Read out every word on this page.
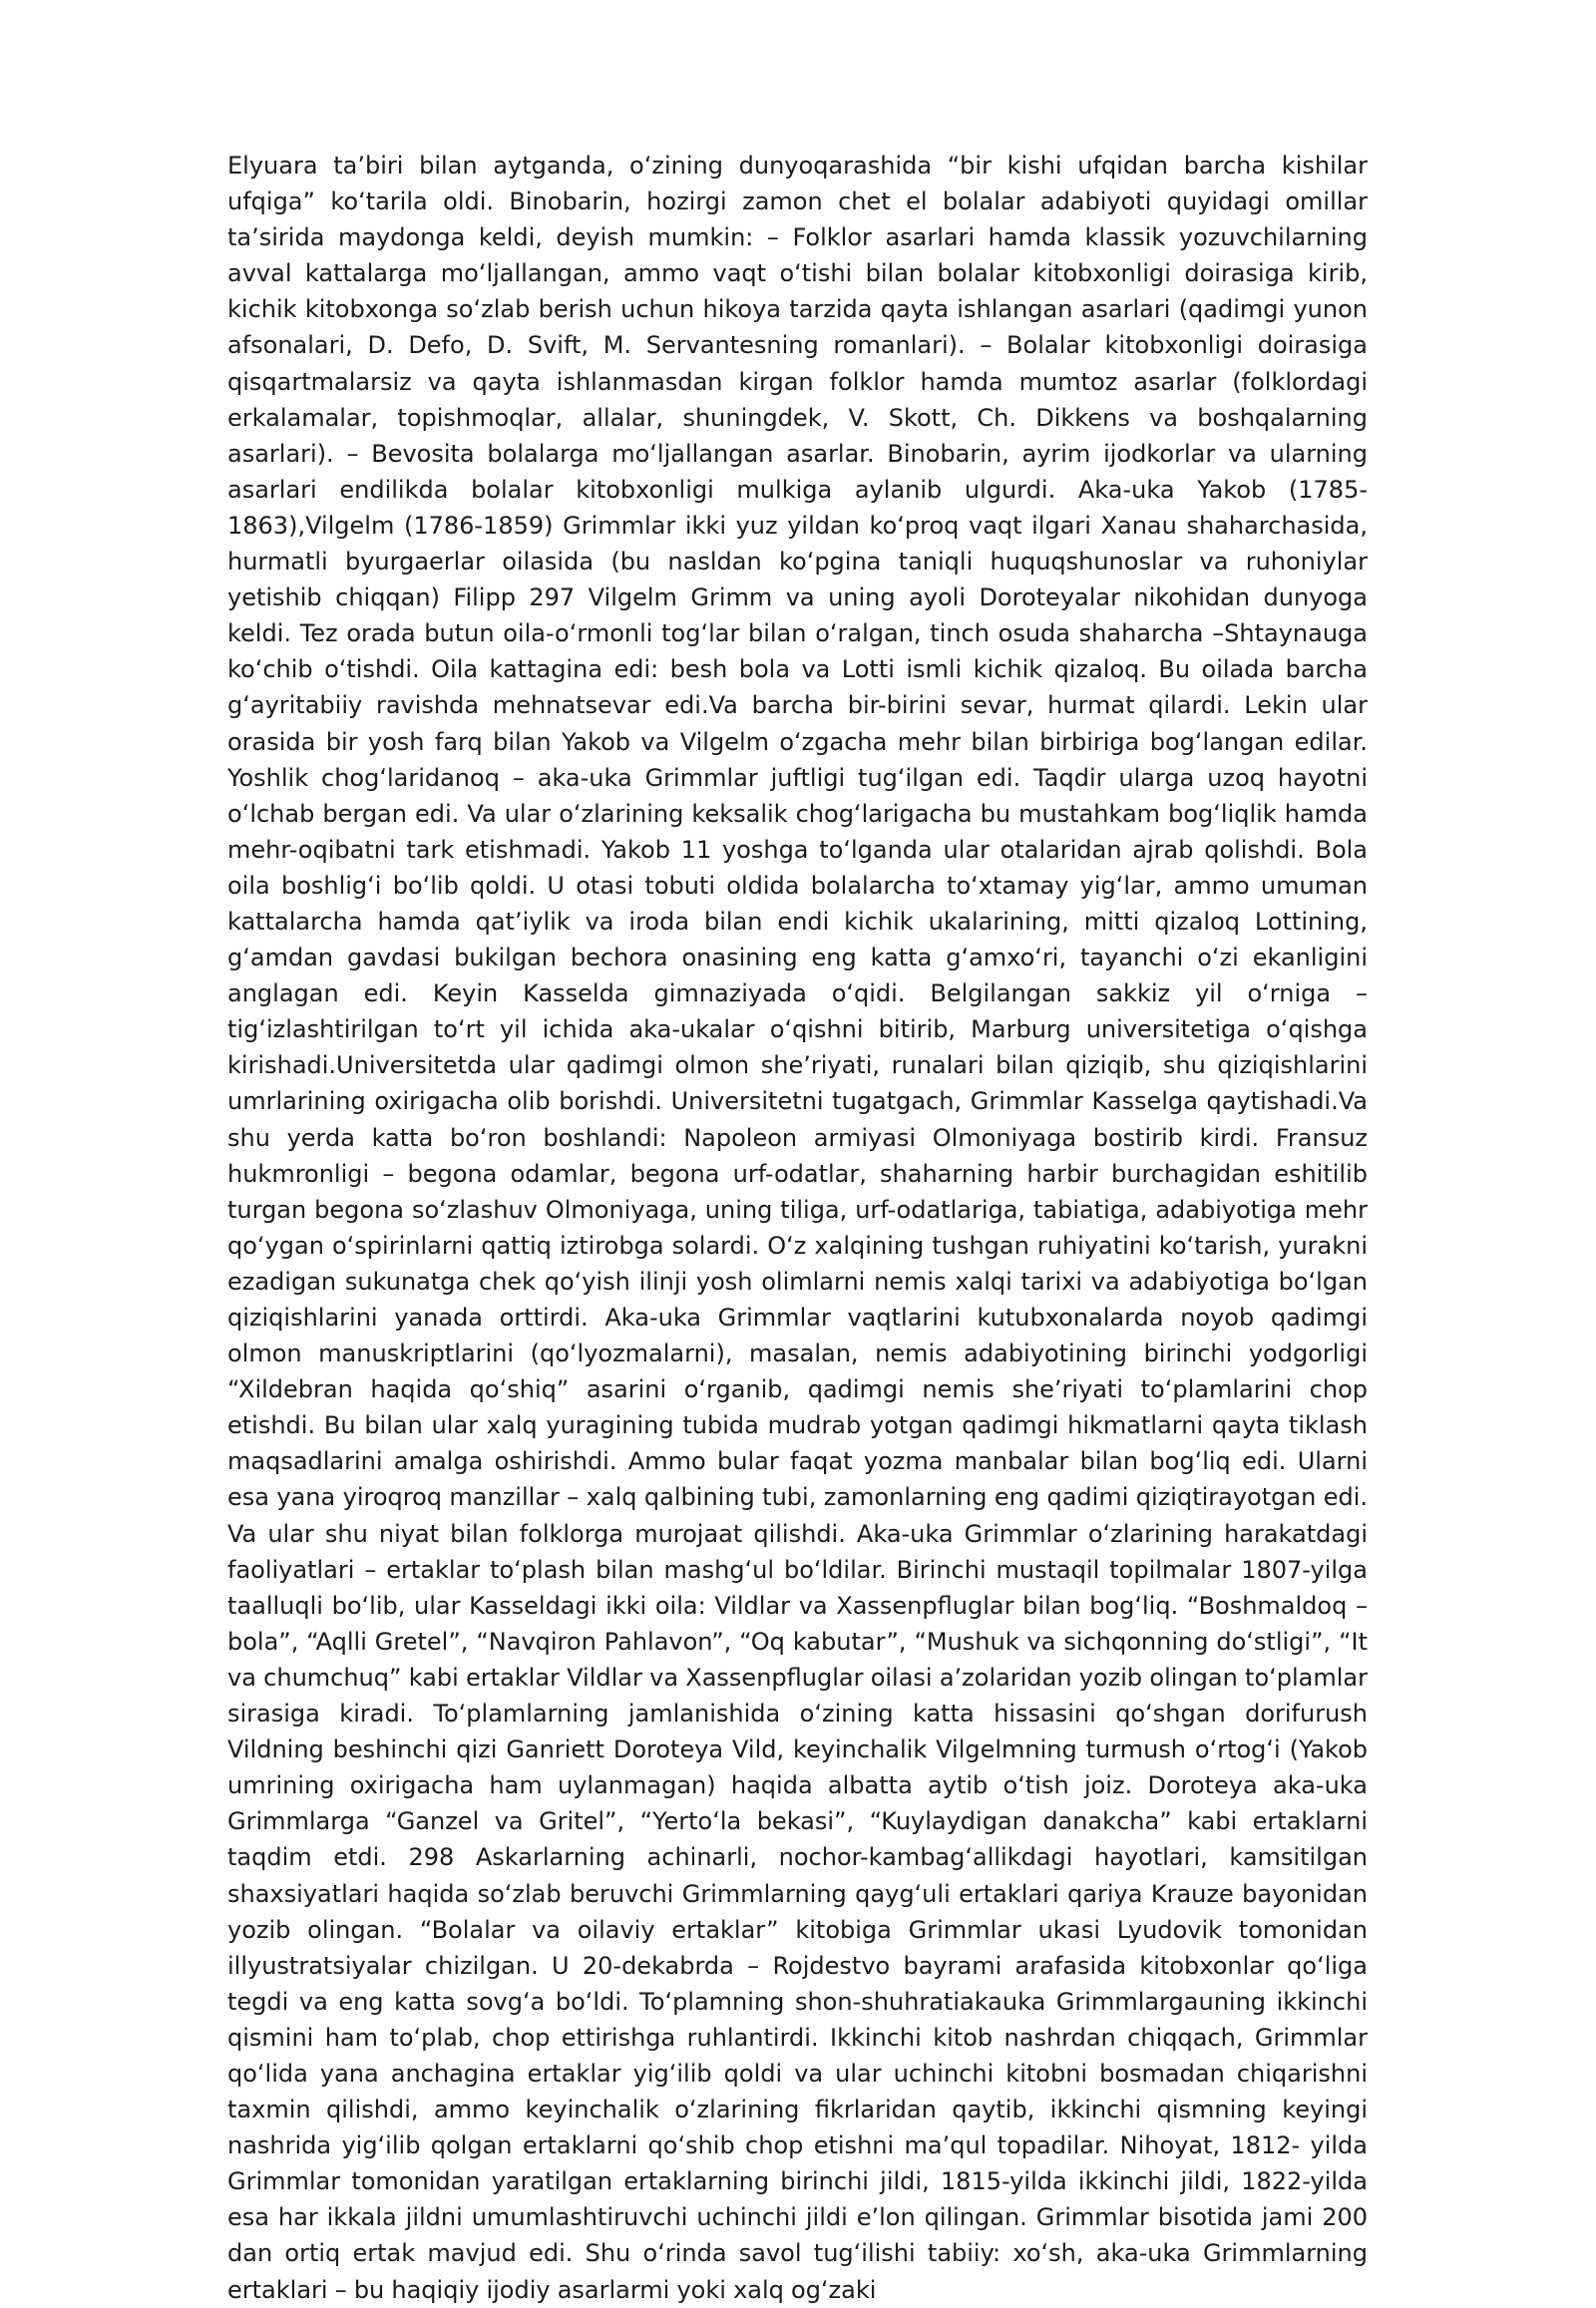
Elyuara ta’biri bilan aytganda, oʻzining dunyoqarashida “bir kishi ufqidan barcha kishilar ufqiga” koʻtarila oldi. Binobarin, hozirgi zamon chet el bolalar adabiyoti quyidagi omillar ta’sirida maydonga keldi, deyish mumkin: – Folklor asarlari hamda klassik yozuvchilarning avval kattalarga moʻljallangan, ammo vaqt oʻtishi bilan bolalar kitobxonligi doirasiga kirib, kichik kitobxonga soʻzlab berish uchun hikoya tarzida qayta ishlangan asarlari (qadimgi yunon afsonalari, D. Defo, D. Svift, M. Servantesning romanlari). – Bolalar kitobxonligi doirasiga qisqartmalarsiz va qayta ishlanmasdan kirgan folklor hamda mumtoz asarlar (folklordagi erkalamalar, topishmoqlar, allalar, shuningdek, V. Skott, Ch. Dikkens va boshqalarning asarlari). – Bevosita bolalarga moʻljallangan asarlar. Binobarin, ayrim ijodkorlar va ularning asarlari endilikda bolalar kitobxonligi mulkiga aylanib ulgurdi. Aka-uka Yakob (1785-1863),Vilgelm (1786-1859) Grimmlar ikki yuz yildan koʻproq vaqt ilgari Xanau shaharchasida, hurmatli byurgaerlar oilasida (bu nasldan koʻpgina taniqli huquqshunoslar va ruhoniylar yetishib chiqqan) Filipp 297 Vilgelm Grimm va uning ayoli Doroteyalar nikohidan dunyoga keldi. Tez orada butun oila-oʻrmonli togʻlar bilan oʻralgan, tinch osuda shaharcha –Shtaynauga koʻchib oʻtishdi. Oila kattagina edi: besh bola va Lotti ismli kichik qizaloq. Bu oilada barcha gʻayritabiiy ravishda mehnatsevar edi.Va barcha bir-birini sevar, hurmat qilardi. Lekin ular orasida bir yosh farq bilan Yakob va Vilgelm oʻzgacha mehr bilan birbiriga bogʻlangan edilar. Yoshlik chogʻlaridanoq – aka-uka Grimmlar juftligi tugʻilgan edi. Taqdir ularga uzoq hayotni oʻlchab bergan edi. Va ular oʻzlarining keksalik chogʻlarigacha bu mustahkam bogʻliqlik hamda mehr-oqibatni tark etishmadi. Yakob 11 yoshga toʻlganda ular otalaridan ajrab qolishdi. Bola oila boshligʻi boʻlib qoldi. U otasi tobuti oldida bolalarcha toʻxtamay yigʻlar, ammo umuman kattalarcha hamda qat’iylik va iroda bilan endi kichik ukalarining, mitti qizaloq Lottining, gʻamdan gavdasi bukilgan bechora onasining eng katta gʻamxoʻri, tayanchi oʻzi ekanligini anglagan edi. Keyin Kasselda gimnaziyada oʻqidi. Belgilangan sakkiz yil oʻrniga – tigʻizlashtirilgan toʻrt yil ichida aka-ukalar oʻqishni bitirib, Marburg universitetiga oʻqishga kirishadi.Universitetda ular qadimgi olmon she’riyati, runalari bilan qiziqib, shu qiziqishlarini umrlarining oxirigacha olib borishdi. Universitetni tugatgach, Grimmlar Kasselga qaytishadi.Va shu yerda katta boʻron boshlandi: Napoleon armiyasi Olmoniyaga bostirib kirdi. Fransuz hukmronligi – begona odamlar, begona urf-odatlar, shaharning harbir burchagidan eshitilib turgan begona soʻzlashuv Olmoniyaga, uning tiliga, urf-odatlariga, tabiatiga, adabiyotiga mehr qoʻygan oʻspirinlarni qattiq iztirobga solardi. Oʻz xalqining tushgan ruhiyatini koʻtarish, yurakni ezadigan sukunatga chek qoʻyish ilinji yosh olimlarni nemis xalqi tarixi va adabiyotiga boʻlgan qiziqishlarini yanada orttirdi. Aka-uka Grimmlar vaqtlarini kutubxonalarda noyob qadimgi olmon manuskriptlarini (qoʻlyozmalarni), masalan, nemis adabiyotining birinchi yodgorligi “Xildebran haqida qoʻshiq” asarini oʻrganib, qadimgi nemis she’riyati toʻplamlarini chop etishdi. Bu bilan ular xalq yuragining tubida mudrab yotgan qadimgi hikmatlarni qayta tiklash maqsadlarini amalga oshirishdi. Ammo bular faqat yozma manbalar bilan bogʻliq edi. Ularni esa yana yiroqroq manzillar – xalq qalbining tubi, zamonlarning eng qadimi qiziqtirayotgan edi. Va ular shu niyat bilan folklorga murojaat qilishdi. Aka-uka Grimmlar oʻzlarining harakatdagi faoliyatlari – ertaklar toʻplash bilan mashgʻul boʻldilar. Birinchi mustaqil topilmalar 1807-yilga taalluqli boʻlib, ular Kasseldagi ikki oila: Vildlar va Xassenpfluglar bilan bogʻliq. “Boshmaldoq – bola”, “Aqlli Gretel”, “Navqiron Pahlavon”, “Oq kabutar”, “Mushuk va sichqonning doʻstligi”, “It va chumchuq” kabi ertaklar Vildlar va Xassenpfluglar oilasi a’zolaridan yozib olingan toʻplamlar sirasiga kiradi. Toʻplamlarning jamlanishida oʻzining katta hissasini qoʻshgan dorifurush Vildning beshinchi qizi Ganriett Doroteya Vild, keyinchalik Vilgelmning turmush oʻrtogʻi (Yakob umrining oxirigacha ham uylanmagan) haqida albatta aytib oʻtish joiz. Doroteya aka-uka Grimmlarga “Ganzel va Gritel”, “Yertoʻla bekasi”, “Kuylaydigan danakcha” kabi ertaklarni taqdim etdi. 298 Askarlarning achinarli, nochor-kambagʻallikdagi hayotlari, kamsitilgan shaxsiyatlari haqida soʻzlab beruvchi Grimmlarning qaygʻuli ertaklari qariya Krauze bayonidan yozib olingan. “Bolalar va oilaviy ertaklar” kitobiga Grimmlar ukasi Lyudovik tomonidan illyustratsiyalar chizilgan. U 20-dekabrda – Rojdestvo bayrami arafasida kitobxonlar qoʻliga tegdi va eng katta sovgʻa boʻldi. Toʻplamning shon-shuhratiakauka Grimmlargauning ikkinchi qismini ham toʻplab, chop ettirishga ruhlantirdi. Ikkinchi kitob nashrdan chiqqach, Grimmlar qoʻlida yana anchagina ertaklar yigʻilib qoldi va ular uchinchi kitobni bosmadan chiqarishni taxmin qilishdi, ammo keyinchalik oʻzlarining fikrlaridan qaytib, ikkinchi qismning keyingi nashrida yigʻilib qolgan ertaklarni qoʻshib chop etishni ma’qul topadilar. Nihoyat, 1812- yilda Grimmlar tomonidan yaratilgan ertaklarning birinchi jildi, 1815-yilda ikkinchi jildi, 1822-yilda esa har ikkala jildni umumlashtiruvchi uchinchi jildi e’lon qilingan. Grimmlar bisotida jami 200 dan ortiq ertak mavjud edi. Shu oʻrinda savol tugʻilishi tabiiy: xoʻsh, aka-uka Grimmlarning ertaklari – bu haqiqiy ijodiy asarlarmi yoki xalq ogʻzaki
